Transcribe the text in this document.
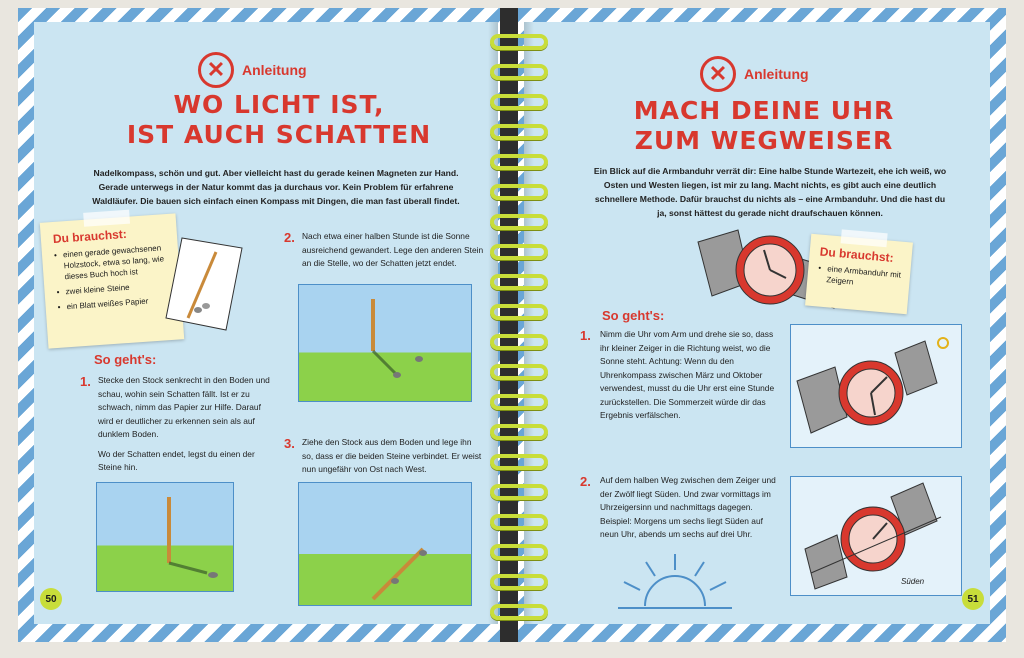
✕	Anleitung
WO LICHT IST,
IST AUCH SCHATTEN
Nadelkompass, schön und gut. Aber vielleicht hast du gerade keinen Magneten zur Hand. Gerade unterwegs in der Natur kommt das ja durchaus vor. Kein Problem für erfahrene Waldläufer. Die bauen sich einfach einen Kompass mit Dingen, die man fast überall findet.
Du brauchst:
• einen gerade gewachsenen Holzstock, etwa so lang, wie dieses Buch hoch ist
• zwei kleine Steine
• ein Blatt weißes Papier
So geht's:
1. Stecke den Stock senkrecht in den Boden und schau, wohin sein Schatten fällt. Ist er zu schwach, nimm das Papier zur Hilfe. Darauf wird er deutlicher zu erkennen sein als auf dunklem Boden.

Wo der Schatten endet, legst du einen der Steine hin.

2. Nach etwa einer halben Stunde ist die Sonne ausreichend gewandert. Lege den anderen Stein an die Stelle, wo der Schatten jetzt endet.
3. Ziehe den Stock aus dem Boden und lege ihn so, dass er die beiden Steine verbindet. Er weist nun ungefähr von Ost nach West.
50
✕	Anleitung
MACH DEINE UHR
ZUM WEGWEISER
Ein Blick auf die Armbanduhr verrät dir: Eine halbe Stunde Wartezeit, ehe ich weiß, wo Osten und Westen liegen, ist mir zu lang. Macht nichts, es gibt auch eine deutlich schnellere Methode. Dafür brauchst du nichts als – eine Armbanduhr. Und die hast du ja, sonst hättest du gerade nicht draufschauen können.
Du brauchst:
• eine Armbanduhr mit Zeigern
So geht's:
1. Nimm die Uhr vom Arm und drehe sie so, dass ihr kleiner Zeiger in die Richtung weist, wo die Sonne steht. Achtung: Wenn du den Uhrenkompass zwischen März und Oktober verwendest, musst du die Uhr erst eine Stunde zurückstellen. Die Sommerzeit würde dir das Ergebnis verfälschen.
2. Auf dem halben Weg zwischen dem Zeiger und der Zwölf liegt Süden. Und zwar vormittags im Uhrzeigersinn und nachmittags dagegen. Beispiel: Morgens um sechs liegt Süden auf neun Uhr, abends um sechs auf drei Uhr.
Süden
51
